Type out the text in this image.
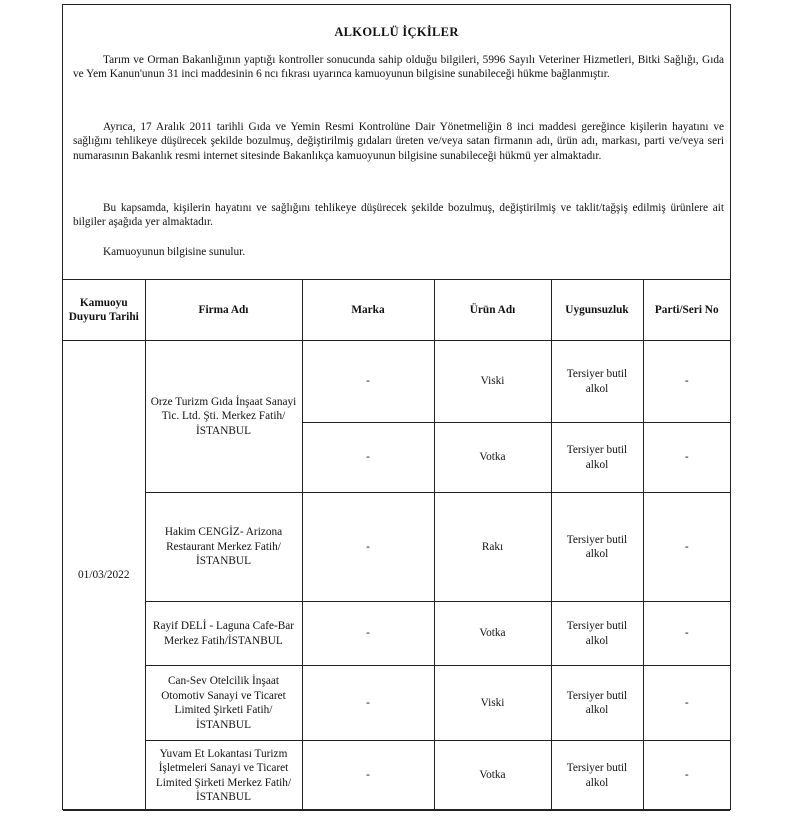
ALKOLLÜ İÇKİLER

Tarım ve Orman Bakanlığının yaptığı kontroller sonucunda sahip olduğu bilgileri, 5996 Sayılı Veteriner Hizmetleri, Bitki Sağlığı, Gıda ve Yem Kanun'unun 31 inci maddesinin 6 ncı fıkrası uyarınca kamuoyunun bilgisine sunabileceği hükme bağlanmıştır.

Ayrıca, 17 Aralık 2011 tarihli Gıda ve Yemin Resmi Kontrolüne Dair Yönetmeliğin 8 inci maddesi gereğince kişilerin hayatını ve sağlığını tehlikeye düşürecek şekilde bozulmuş, değiştirilmiş gıdaları üreten ve/veya satan firmanın adı, ürün adı, markası, parti ve/veya seri numarasının Bakanlık resmi internet sitesinde Bakanlıkça kamuoyunun bilgisine sunabileceği hükmü yer almaktadır.

Bu kapsamda, kişilerin hayatını ve sağlığını tehlikeye düşürecek şekilde bozulmuş, değiştirilmiş ve taklit/tağşiş edilmiş ürünlere ait bilgiler aşağıda yer almaktadır.

Kamuoyunun bilgisine sunulur.

Kamuoyu Duyuru Tarihi	Firma Adı	Marka	Ürün Adı	Uygunsuzluk	Parti/Seri No
01/03/2022	Orze Turizm Gıda İnşaat Sanayi Tic. Ltd. Şti. Merkez Fatih/İSTANBUL	-	Viski	Tersiyer butil alkol	-
		-	Votka	Tersiyer butil alkol	-
	Hakim CENGİZ- Arizona Restaurant Merkez Fatih/İSTANBUL	-	Rakı	Tersiyer butil alkol	-
	Rayif DELİ - Laguna Cafe-Bar Merkez Fatih/İSTANBUL	-	Votka	Tersiyer butil alkol	-
	Can-Sev Otelcilik İnşaat Otomotiv Sanayi ve Ticaret Limited Şirketi Fatih/İSTANBUL	-	Viski	Tersiyer butil alkol	-
	Yuvam Et Lokantası Turizm İşletmeleri Sanayi ve Ticaret Limited Şirketi Merkez Fatih/İSTANBUL	-	Votka	Tersiyer butil alkol	-
